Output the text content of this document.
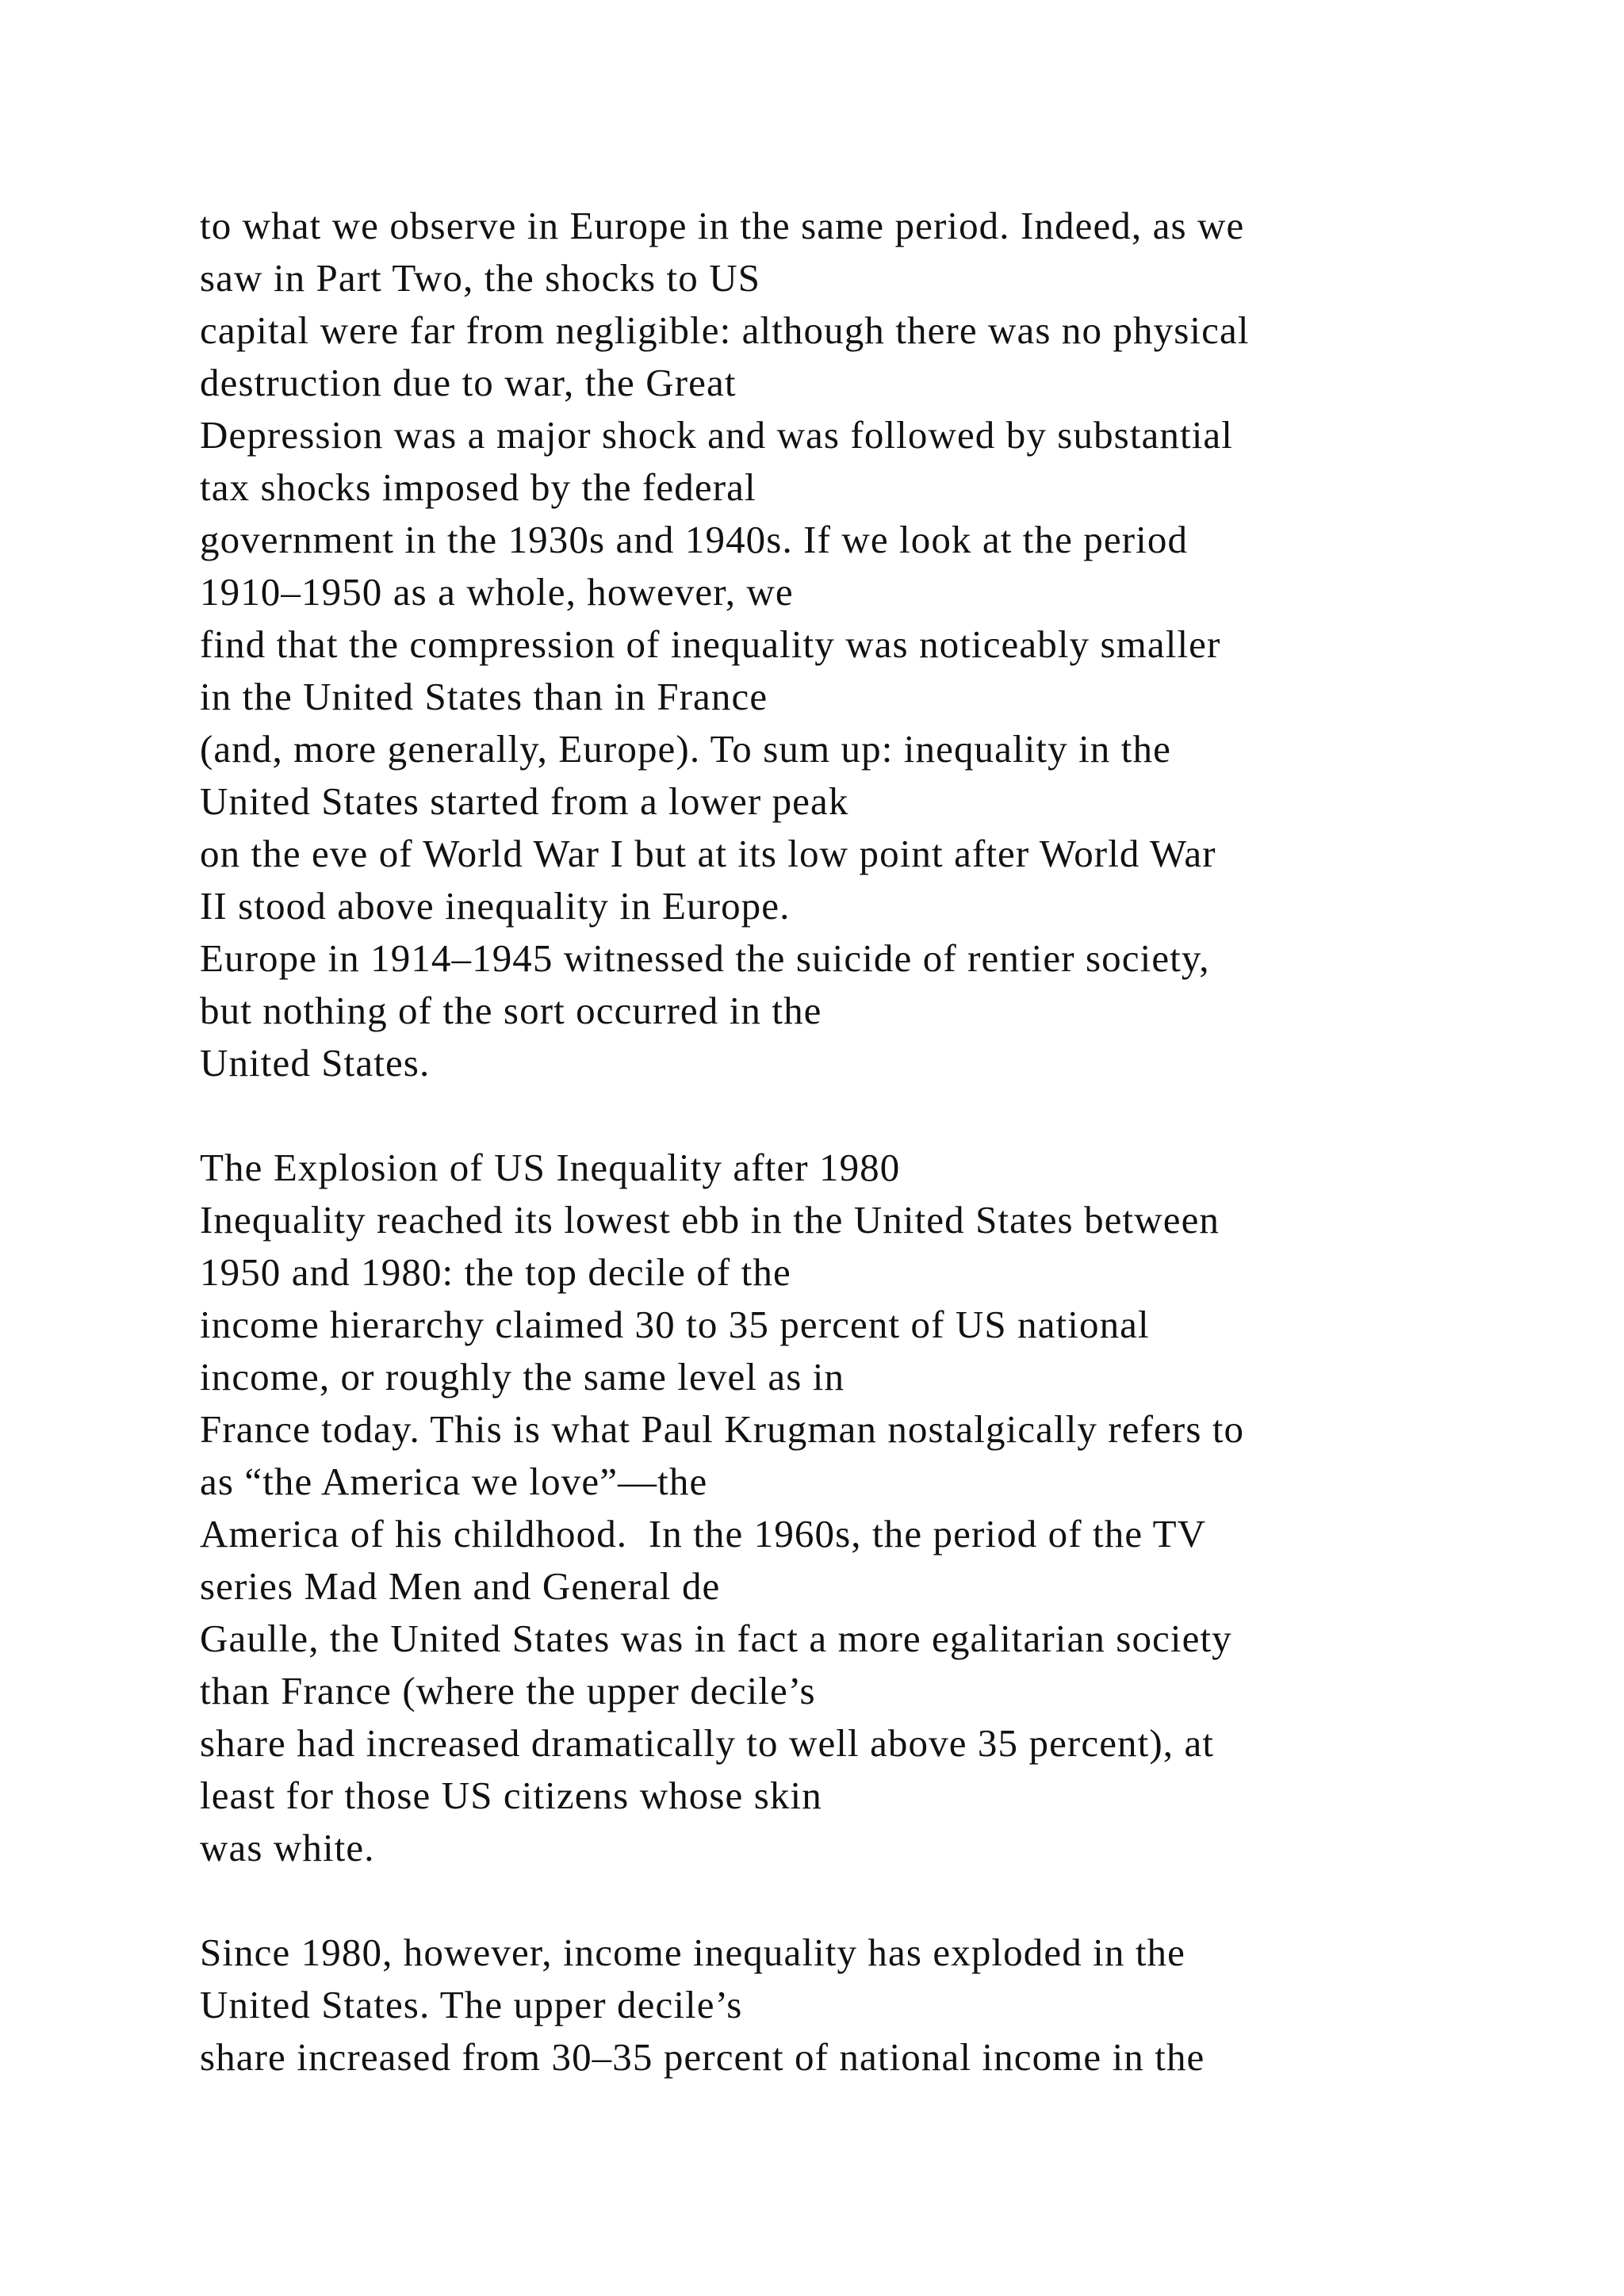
to what we observe in Europe in the same period. Indeed, as we
saw in Part Two, the shocks to US
capital were far from negligible: although there was no physical
destruction due to war, the Great
Depression was a major shock and was followed by substantial
tax shocks imposed by the federal
government in the 1930s and 1940s. If we look at the period
1910–1950 as a whole, however, we
find that the compression of inequality was noticeably smaller
in the United States than in France
(and, more generally, Europe). To sum up: inequality in the
United States started from a lower peak
on the eve of World War I but at its low point after World War
II stood above inequality in Europe.
Europe in 1914–1945 witnessed the suicide of rentier society,
but nothing of the sort occurred in the
United States.
The Explosion of US Inequality after 1980
Inequality reached its lowest ebb in the United States between
1950 and 1980: the top decile of the
income hierarchy claimed 30 to 35 percent of US national
income, or roughly the same level as in
France today. This is what Paul Krugman nostalgically refers to
as “the America we love”—the
America of his childhood.  In the 1960s, the period of the TV
series Mad Men and General de
Gaulle, the United States was in fact a more egalitarian society
than France (where the upper decile’s
share had increased dramatically to well above 35 percent), at
least for those US citizens whose skin
was white.
Since 1980, however, income inequality has exploded in the
United States. The upper decile’s
share increased from 30–35 percent of national income in the
